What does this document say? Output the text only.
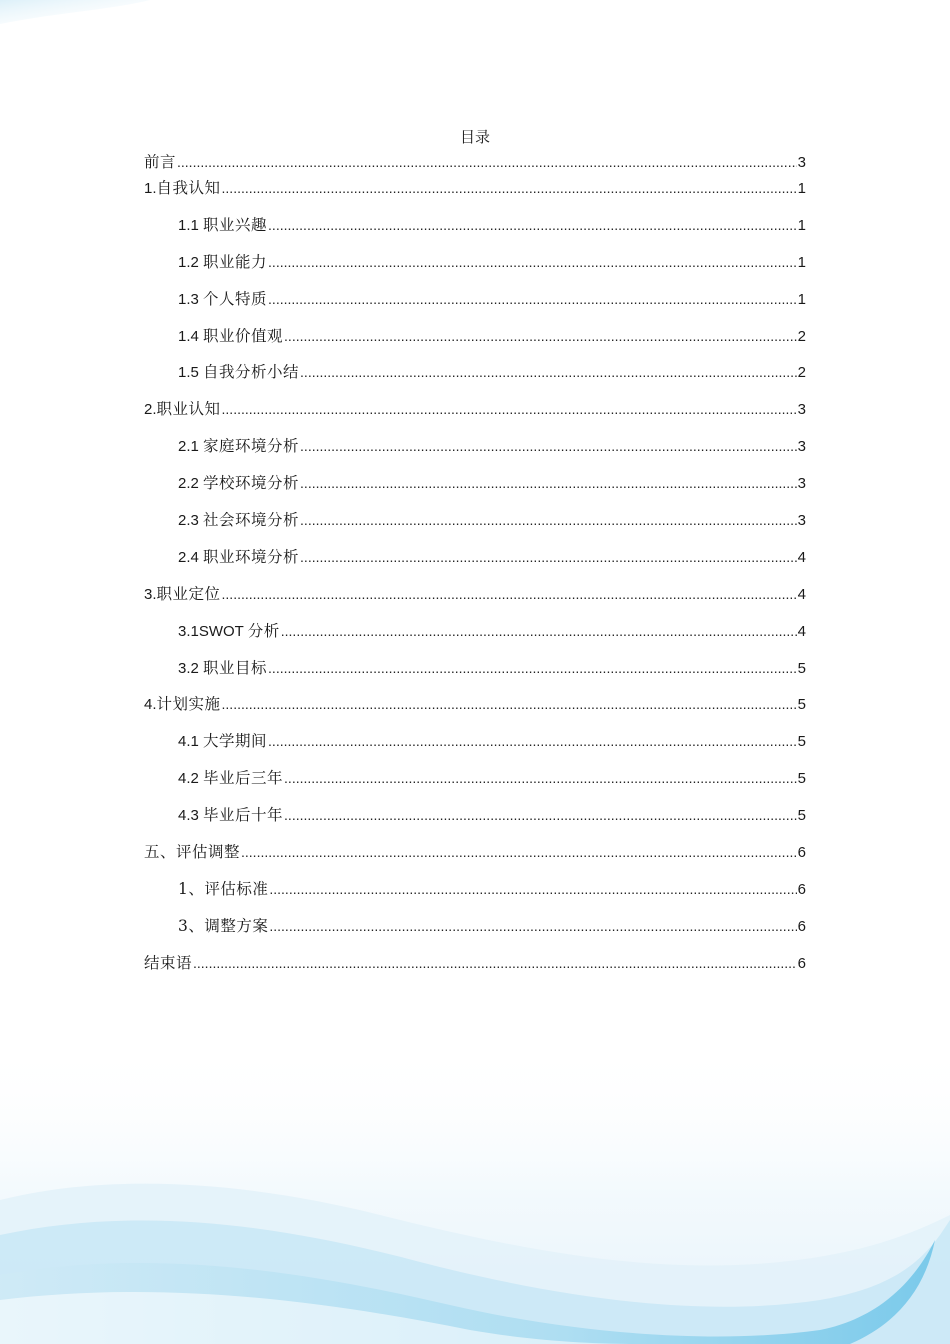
目录
前言 .....	3
1.自我认知 .....	1
1.1 职业兴趣 .....	1
1.2 职业能力 .....	1
1.3 个人特质 .....	1
1.4 职业价值观 .....	2
1.5 自我分析小结 .....	2
2.职业认知 .....	3
2.1 家庭环境分析 .....	3
2.2 学校环境分析 .....	3
2.3 社会环境分析 .....	3
2.4 职业环境分析 .....	4
3.职业定位 .....	4
3.1SWOT 分析 .....	4
3.2 职业目标 .....	5
4.计划实施 .....	5
4.1 大学期间 .....	5
4.2 毕业后三年 .....	5
4.3 毕业后十年 .....	5
五、评估调整 .....	6
1、评估标准 .....	6
3、调整方案 .....	6
结束语 .....	6
